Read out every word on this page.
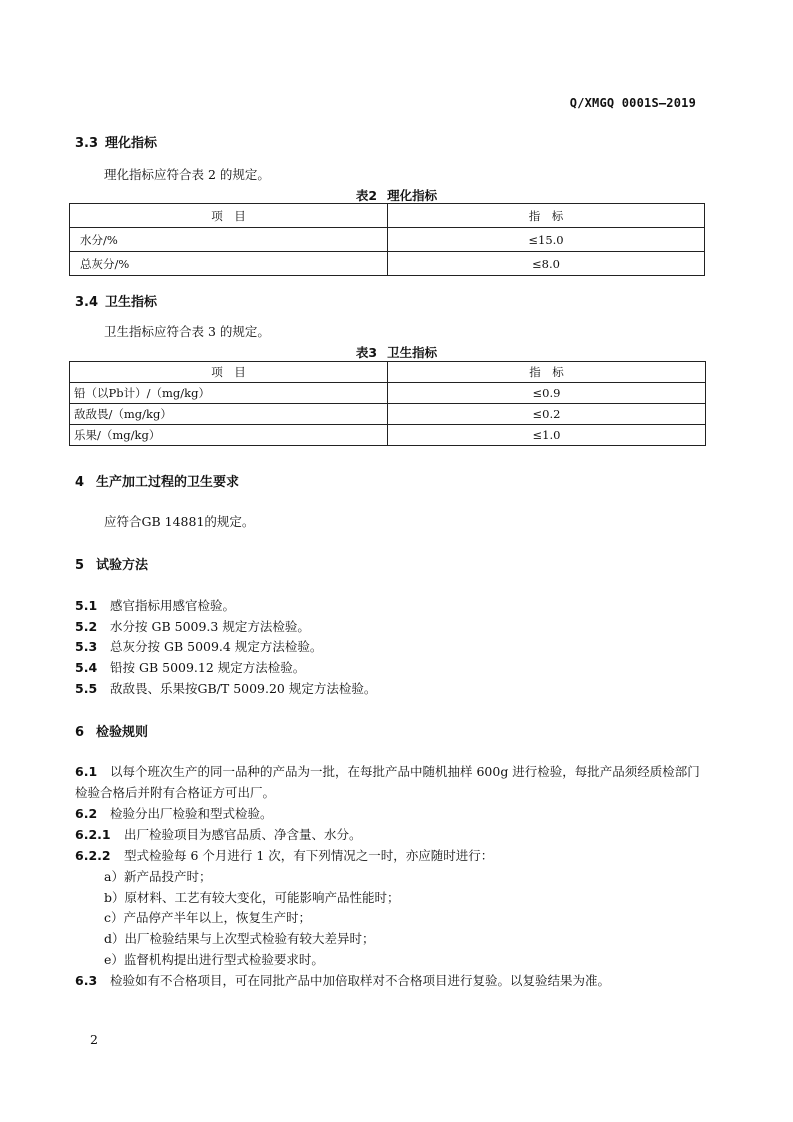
Q/XMGQ 0001S—2019
3.3 理化指标
理化指标应符合表 2 的规定。
表2 理化指标
项　目	指　标
水分/%	≤15.0
总灰分/%	≤8.0
3.4 卫生指标
卫生指标应符合表 3 的规定。
表3 卫生指标
项　目	指　标
铅（以Pb计）/（mg/kg）	≤0.9
敌敌畏/（mg/kg）	≤0.2
乐果/（mg/kg）	≤1.0
4 生产加工过程的卫生要求
应符合GB 14881的规定。
5 试验方法
5.1 感官指标用感官检验。
5.2 水分按 GB 5009.3 规定方法检验。
5.3 总灰分按 GB 5009.4 规定方法检验。
5.4 铅按 GB 5009.12 规定方法检验。
5.5 敌敌畏、乐果按GB/T 5009.20 规定方法检验。
6 检验规则
6.1 以每个班次生产的同一品种的产品为一批，在每批产品中随机抽样 600g 进行检验，每批产品须经质检部门检验合格后并附有合格证方可出厂。
6.2 检验分出厂检验和型式检验。
6.2.1 出厂检验项目为感官品质、净含量、水分。
6.2.2 型式检验每 6 个月进行 1 次，有下列情况之一时，亦应随时进行：
a）新产品投产时；
b）原材料、工艺有较大变化，可能影响产品性能时；
c）产品停产半年以上，恢复生产时；
d）出厂检验结果与上次型式检验有较大差异时；
e）监督机构提出进行型式检验要求时。
6.3 检验如有不合格项目，可在同批产品中加倍取样对不合格项目进行复验。以复验结果为准。
2
